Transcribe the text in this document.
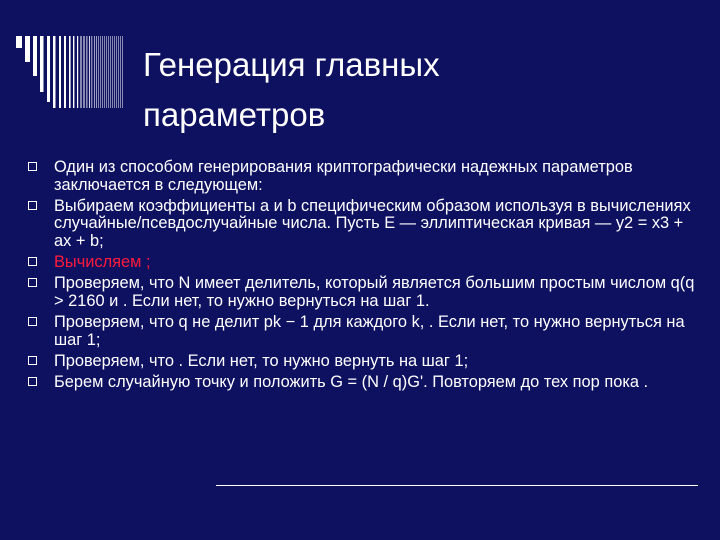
Генерация главных
параметров
Один из способом генерирования криптографически надежных параметров заключается в следующем:
Выбираем коэффициенты a и b специфическим образом используя в вычислениях случайные/псевдослучайные числа. Пусть E — эллиптическая кривая — y2 = x3 + ax + b;
Вычисляем ;
Проверяем, что N имеет делитель, который является большим простым числом q(q > 2160 и . Если нет, то нужно вернуться на шаг 1.
Проверяем, что q не делит pk − 1 для каждого k, . Если нет, то нужно вернуться на шаг 1;
Проверяем, что . Если нет, то нужно вернуть на шаг 1;
Берем случайную точку и положить G = (N / q)G'. Повторяем до тех пор пока .
